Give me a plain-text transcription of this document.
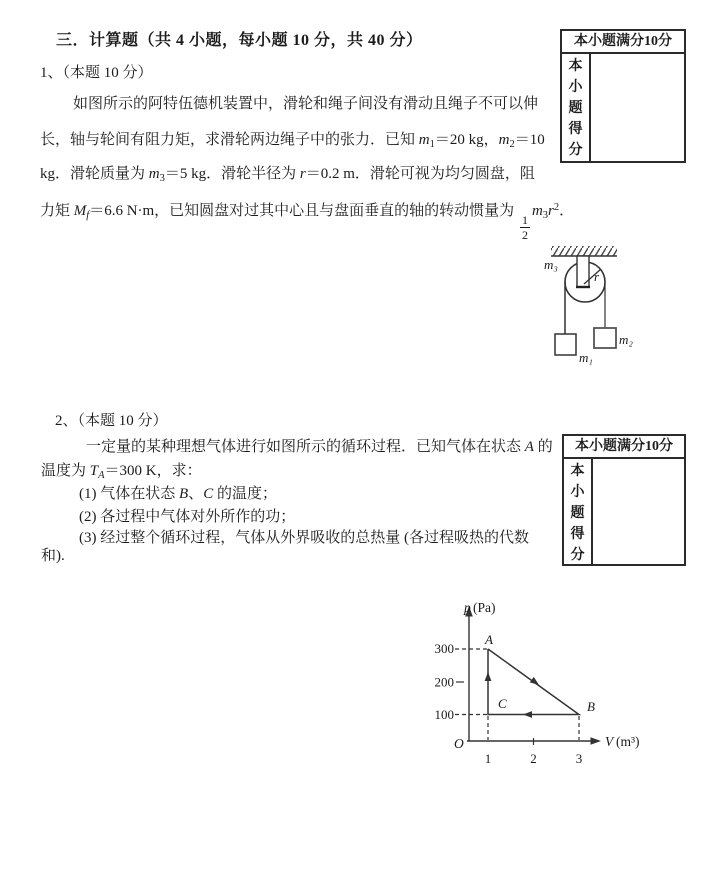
三．计算题（共 4 小题，每小题 10 分，共 40 分）
1、（本题 10 分）
如图所示的阿特伍德机装置中，滑轮和绳子间没有滑动且绳子不可以伸
长，轴与轮间有阻力矩，求滑轮两边绳子中的张力．已知 $m_1=20$ kg，$m_2=10$
kg．滑轮质量为 $m_3=5$ kg．滑轮半径为 r＝0.2 m．滑轮可视为均匀圆盘，阻
力矩 $M_f=6.6$ N·m，已知圆盘对过其中心且与盘面垂直的轴的转动惯量为
$\frac{1}{2}$
$m_3r^2$．
本小题满分10分
本小题得分
m₃
r
m₁
m₂
2、（本题 10 分）
一定量的某种理想气体进行如图所示的循环过程．已知气体在状态 A 的
温度为 $T_A=300$ K，求：
(1) 气体在状态 B、C 的温度；
(2) 各过程中气体对外所作的功；
(3) 经过整个循环过程，气体从外界吸收的总热量 (各过程吸热的代数
和).
本小题满分10分
本小题得分
p (Pa)
V (m³)
300
200
100
1	2	3
A
B
C
O
